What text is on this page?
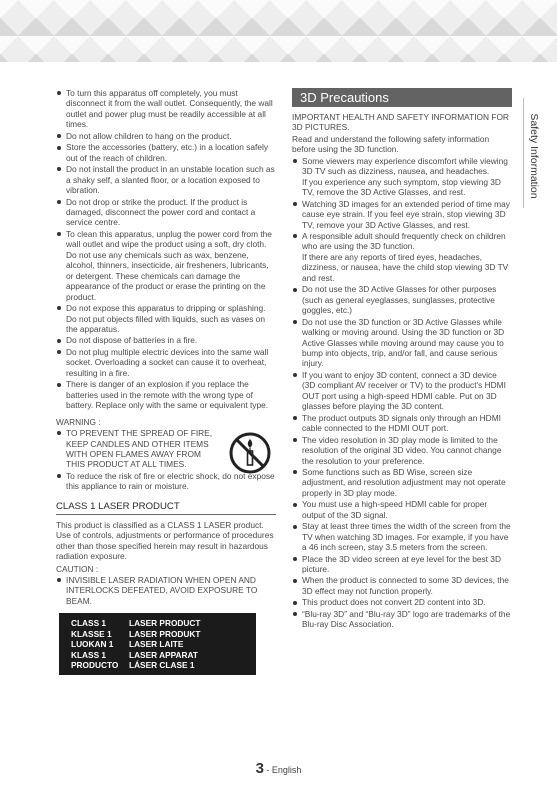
To turn this apparatus off completely, you must disconnect it from the wall outlet. Consequently, the wall outlet and power plug must be readily accessible at all times.
Do not allow children to hang on the product.
Store the accessories (battery, etc.) in a location safely out of the reach of children.
Do not install the product in an unstable location such as a shaky self, a slanted floor, or a location exposed to vibration.
Do not drop or strike the product. If the product is damaged, disconnect the power cord and contact a service centre.
To clean this apparatus, unplug the power cord from the wall outlet and wipe the product using a soft, dry cloth. Do not use any chemicals such as wax, benzene, alcohol, thinners, insecticide, air fresheners, lubricants, or detergent. These chemicals can damage the appearance of the product or erase the printing on the product.
Do not expose this apparatus to dripping or splashing. Do not put objects filled with liquids, such as vases on the apparatus.
Do not dispose of batteries in a fire.
Do not plug multiple electric devices into the same wall socket. Overloading a socket can cause it to overheat, resulting in a fire.
There is danger of an explosion if you replace the batteries used in the remote with the wrong type of battery. Replace only with the same or equivalent type.
WARNING :
TO PREVENT THE SPREAD OF FIRE, KEEP CANDLES AND OTHER ITEMS WITH OPEN FLAMES AWAY FROM THIS PRODUCT AT ALL TIMES.
To reduce the risk of fire or electric shock, do not expose this appliance to rain or moisture.
CLASS 1 LASER PRODUCT
This product is classified as a CLASS 1 LASER product. Use of controls, adjustments or performance of procedures other than those specified herein may result in hazardous radiation exposure.
CAUTION :
INVISIBLE LASER RADIATION WHEN OPEN AND INTERLOCKS DEFEATED, AVOID EXPOSURE TO BEAM.
CLASS 1	LASER PRODUCT
KLASSE 1	LASER PRODUKT
LUOKAN 1	LASER LAITE
KLASS 1	LASER APPARAT
PRODUCTO	LÁSER CLASE 1
3D Precautions
IMPORTANT HEALTH AND SAFETY INFORMATION FOR 3D PICTURES.
Read and understand the following safety information before using the 3D function.
Some viewers may experience discomfort while viewing 3D TV such as dizziness, nausea, and headaches.
If you experience any such symptom, stop viewing 3D TV, remove the 3D Active Glasses, and rest.
Watching 3D images for an extended period of time may cause eye strain. If you feel eye strain, stop viewing 3D TV, remove your 3D Active Glasses, and rest.
A responsible adult should frequently check on children who are using the 3D function.
If there are any reports of tired eyes, headaches, dizziness, or nausea, have the child stop viewing 3D TV and rest.
Do not use the 3D Active Glasses for other purposes (such as general eyeglasses, sunglasses, protective goggles, etc.)
Do not use the 3D function or 3D Active Glasses while walking or moving around. Using the 3D function or 3D Active Glasses while moving around may cause you to bump into objects, trip, and/or fall, and cause serious injury.
If you want to enjoy 3D content, connect a 3D device (3D compliant AV receiver or TV) to the product's HDMI OUT port using a high-speed HDMI cable. Put on 3D glasses before playing the 3D content.
The product outputs 3D signals only through an HDMI cable connected to the HDMI OUT port.
The video resolution in 3D play mode is limited to the resolution of the original 3D video. You cannot change the resolution to your preference.
Some functions such as BD Wise, screen size adjustment, and resolution adjustment may not operate properly in 3D play mode.
You must use a high-speed HDMI cable for proper output of the 3D signal.
Stay at least three times the width of the screen from the TV when watching 3D images. For example, if you have a 46 inch screen, stay 3.5 meters from the screen.
Place the 3D video screen at eye level for the best 3D picture.
When the product is connected to some 3D devices, the 3D effect may not function properly.
This product does not convert 2D content into 3D.
“Blu-ray 3D” and “Blu-ray 3D” logo are trademarks of the Blu-ray Disc Association.
Safety Information
3 - English
